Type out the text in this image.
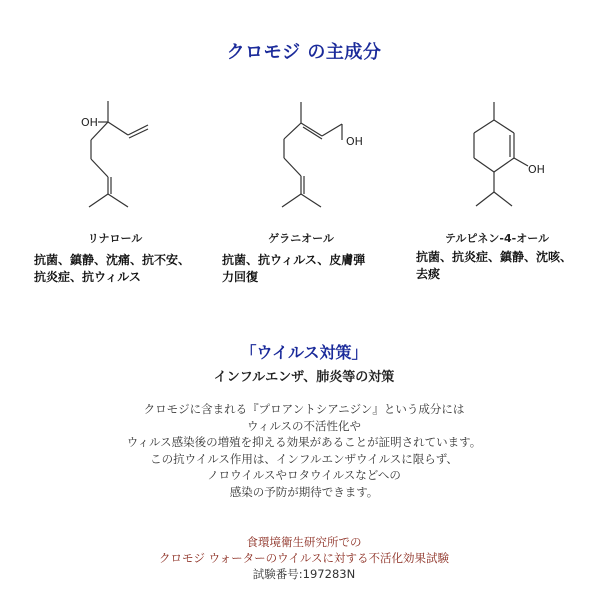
クロモジ の主成分
OH
リナロール
抗菌、鎮静、沈痛、抗不安、
抗炎症、抗ウィルス
OH
ゲラニオール
抗菌、抗ウィルス、皮膚弾
力回復
OH
テルピネン-4-オール
抗菌、抗炎症、鎮静、沈咳、
去痰
「ウイルス対策」
インフルエンザ、肺炎等の対策
クロモジに含まれる『プロアントシアニジン』という成分には
ウィルスの不活性化や
ウィルス感染後の増殖を抑える効果があることが証明されています。
この抗ウイルス作用は、インフルエンザウイルスに限らず、
ノロウイルスやロタウイルスなどへの
感染の予防が期待できます。
食環境衛生研究所での
クロモジ ウォーターのウイルスに対する不活化効果試験
試験番号:197283N
